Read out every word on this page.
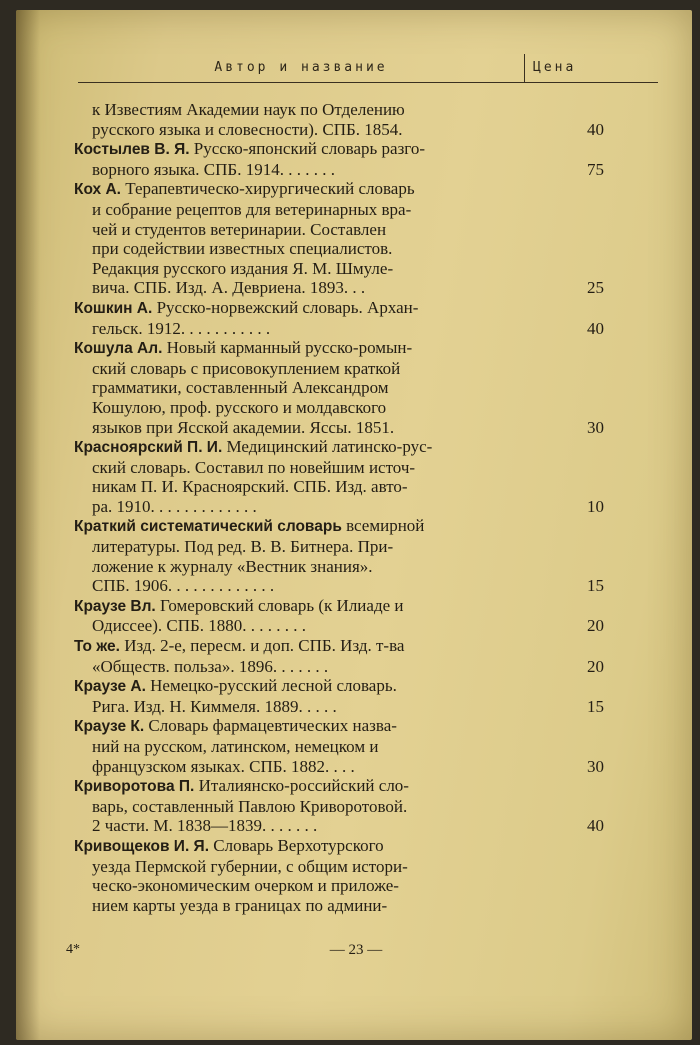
Автор и название	Цена
к Известиям Академии наук по Отделению
русского языка и словесности). СПБ. 1854.	40
Костылев В. Я. Русско-японский словарь разго-
ворного языка. СПБ. 1914. . . . . . .	75
Кох А. Терапевтическо-хирургический словарь
и собрание рецептов для ветеринарных вра-
чей и студентов ветеринарии. Составлен
при содействии известных специалистов.
Редакция русского издания Я. М. Шмуле-
вича. СПБ. Изд. А. Девриена. 1893. . .	25
Кошкин А. Русско-норвежский словарь. Архан-
гельск. 1912. . . . . . . . . . .	40
Кошула Ал. Новый карманный русско-ромын-
ский словарь с присовокуплением краткой
грамматики, составленный Александром
Кошулою, проф. русского и молдавского
языков при Ясской академии. Яссы. 1851.	30
Красноярский П. И. Медицинский латинско-рус-
ский словарь. Составил по новейшим источ-
никам П. И. Красноярский. СПБ. Изд. авто-
ра. 1910. . . . . . . . . . . . .	10
Краткий систематический словарь всемирной
литературы. Под ред. В. В. Битнера. При-
ложение к журналу «Вестник знания».
СПБ. 1906. . . . . . . . . . . . .	15
Краузе Вл. Гомеровский словарь (к Илиаде и
Одиссее). СПБ. 1880. . . . . . . .	20
То же. Изд. 2-е, пересм. и доп. СПБ. Изд. т-ва
«Обществ. польза». 1896. . . . . . .	20
Краузе А. Немецко-русский лесной словарь.
Рига. Изд. Н. Киммеля. 1889. . . . .	15
Краузе К. Словарь фармацевтических назва-
ний на русском, латинском, немецком и
французском языках. СПБ. 1882. . . .	30
Криворотова П. Италиянско-российский сло-
варь, составленный Павлою Криворотовой.
2 части. М. 1838—1839. . . . . . .	40
Кривощеков И. Я. Словарь Верхотурского
уезда Пермской губернии, с общим истори-
ческо-экономическим очерком и приложе-
нием карты уезда в границах по админи-
4*	— 23 —
